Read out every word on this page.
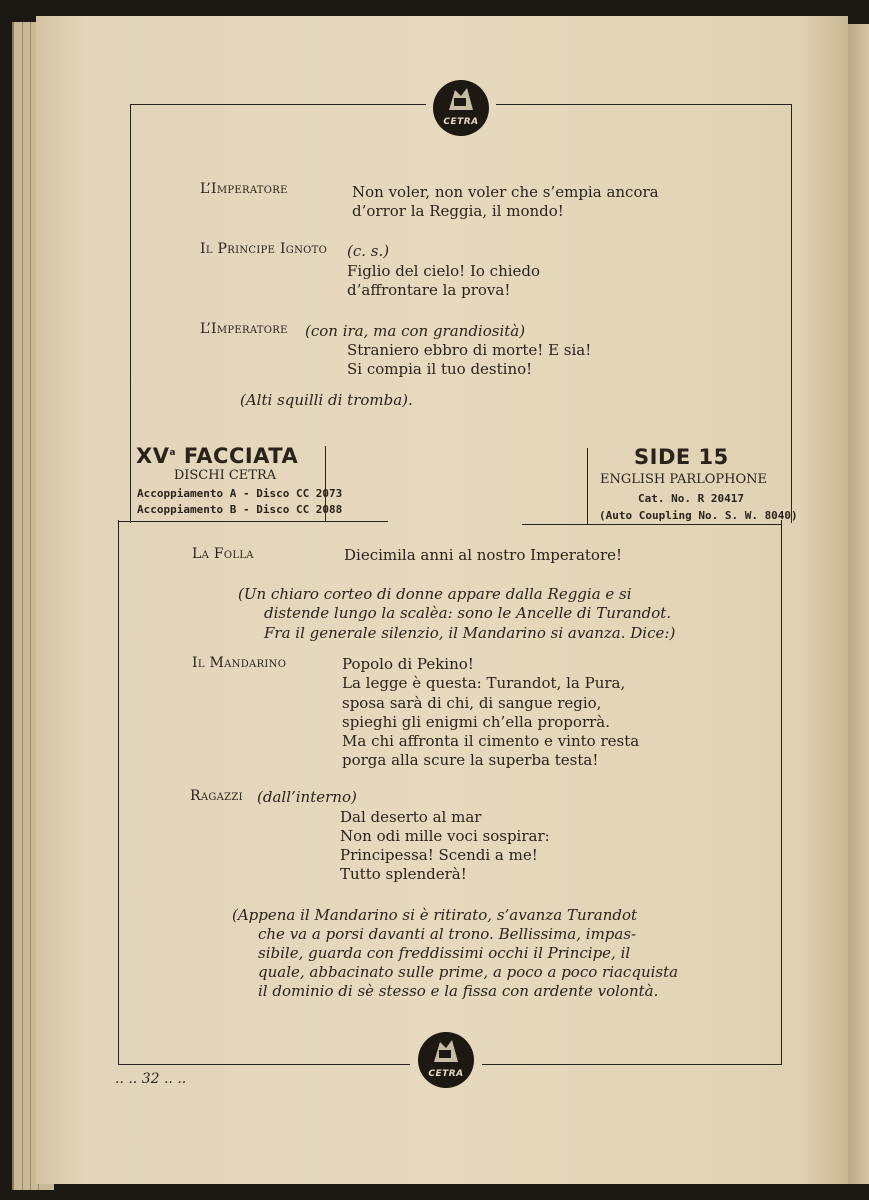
CETRA
CETRA
L’Imperatore	Non voler, non voler che s’empia ancora
d’orror la Reggia, il mondo!
Il Principe Ignoto (c. s.)
Figlio del cielo! Io chiedo
d’affrontare la prova!
L’Imperatore (con ira, ma con grandiosità)
Straniero ebbro di morte! E sia!
Si compia il tuo destino!
(Alti squilli di tromba).
$XV^a$ FACCIATA
DISCHI CETRA
Accoppiamento A - Disco CC 2073
Accoppiamento B - Disco CC 2088
SIDE 15
ENGLISH PARLOPHONE
Cat. No. R 20417
(Auto Coupling No. S. W. 8040)
La Folla	Diecimila anni al nostro Imperatore!
(Un chiaro corteo di donne appare dalla Reggia e si
distende lungo la scalèa: sono le Ancelle di Turandot.
Fra il generale silenzio, il Mandarino si avanza. Dice:)
Il Mandarino	Popolo di Pekino!
La legge è questa: Turandot, la Pura,
sposa sarà di chi, di sangue regio,
spieghi gli enigmi ch’ella proporrà.
Ma chi affronta il cimento e vinto resta
porga alla scure la superba testa!
Ragazzi (dall’interno)
Dal deserto al mar
Non odi mille voci sospirar:
Principessa! Scendi a me!
Tutto splenderà!
(Appena il Mandarino si è ritirato, s’avanza Turandot
che va a porsi davanti al trono. Bellissima, impas-
sibile, guarda con freddissimi occhi il Principe, il
quale, abbacinato sulle prime, a poco a poco riacquista
il dominio di sè stesso e la fissa con ardente volontà.
.. .. 32 .. ..
